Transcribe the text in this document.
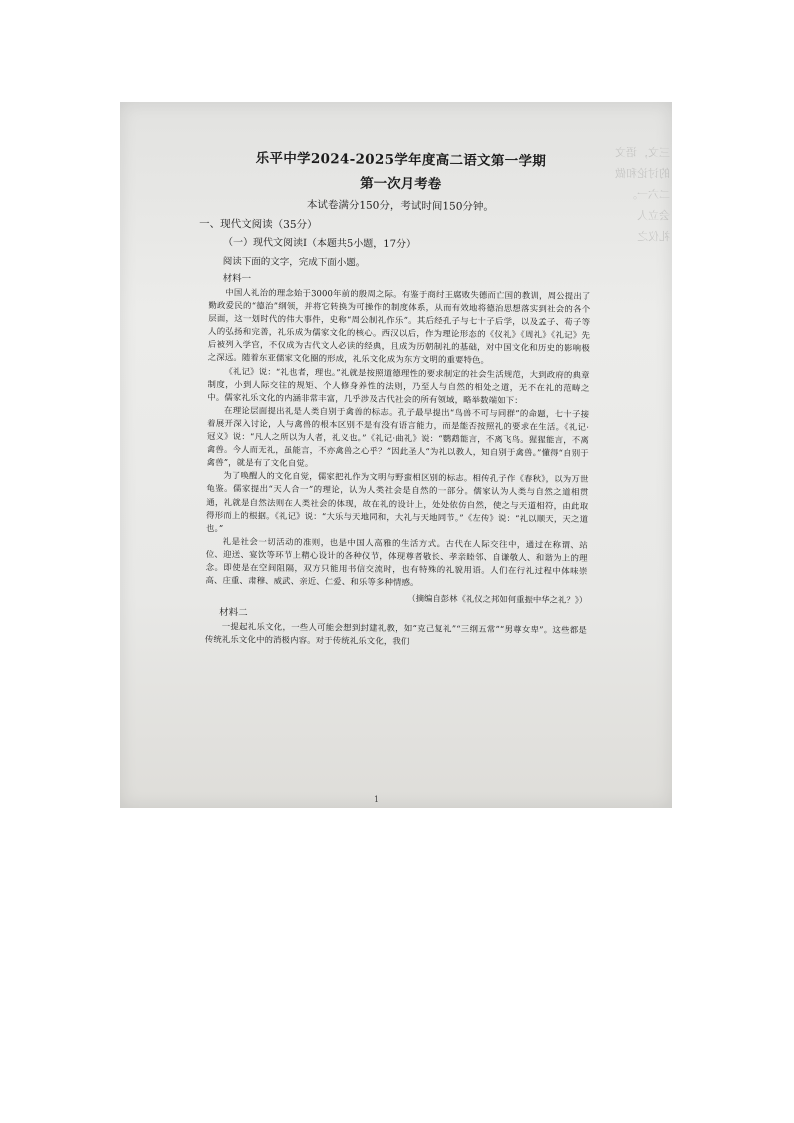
三文，语文
的讨论和做
二六一。
会立人
礼仪之
乐平中学2024-2025学年度高二语文第一学期
第一次月考卷
本试卷满分150分，考试时间150分钟。
一、现代文阅读（35分）
（一）现代文阅读Ⅰ（本题共5小题，17分）
阅读下面的文字，完成下面小题。
材料一

中国人礼治的理念始于3000年前的殷周之际。有鉴于商纣王腐败失德而亡国的教训，周公提出了勤政爱民的“德治”纲领，并将它转换为可操作的制度体系，从而有效地将德治思想落实到社会的各个层面，这一划时代的伟大事件，史称“周公制礼作乐”。其后经孔子与七十子后学，以及孟子、荀子等人的弘扬和完善，礼乐成为儒家文化的核心。西汉以后，作为理论形态的《仪礼》《周礼》《礼记》先后被列入学官，不仅成为古代文人必读的经典，且成为历朝制礼的基础，对中国文化和历史的影响极之深远。随着东亚儒家文化圈的形成，礼乐文化成为东方文明的重要特色。

《礼记》说：“礼也者，理也。”礼就是按照道德理性的要求制定的社会生活规范，大到政府的典章制度，小到人际交往的规矩、个人修身养性的法则，乃至人与自然的相处之道，无不在礼的范畴之中。儒家礼乐文化的内涵非常丰富，几乎涉及古代社会的所有领域，略举数端如下：

在理论层面提出礼是人类自别于禽兽的标志。孔子最早提出“鸟兽不可与同群”的命题，七十子接着展开深入讨论，人与禽兽的根本区别不是有没有语言能力，而是能否按照礼的要求在生活。《礼记·冠义》说：“凡人之所以为人者，礼义也。”《礼记·曲礼》说：“鹦鹉能言，不离飞鸟。猩猩能言，不离禽兽。今人而无礼，虽能言，不亦禽兽之心乎？”因此圣人“为礼以教人，知自别于禽兽。”懂得“自别于禽兽”，就是有了文化自觉。

为了唤醒人的文化自觉，儒家把礼作为文明与野蛮相区别的标志。相传孔子作《春秋》，以为万世龟鉴。儒家提出“天人合一”的理论，认为人类社会是自然的一部分。儒家认为人类与自然之道相贯通，礼就是自然法则在人类社会的体现，故在礼的设计上，处处依仿自然，使之与天道相符，由此取得形而上的根据。《礼记》说：“大乐与天地同和，大礼与天地同节。”《左传》说：“礼以顺天，天之道也。”

礼是社会一切活动的准则，也是中国人高雅的生活方式。古代在人际交往中，通过在称谓、站位、迎送、宴饮等环节上精心设计的各种仪节，体现尊者敬长、孝亲睦邻、自谦敬人、和谐为上的理念。即使是在空间阻隔，双方只能用书信交流时，也有特殊的礼貌用语。人们在行礼过程中体味崇高、庄重、肃穆、威武、亲近、仁爱、和乐等多种情感。

（摘编自彭林《礼仪之邦如何重振中华之礼？》）
材料二

一提起礼乐文化，一些人可能会想到封建礼教，如“克己复礼”“三纲五常”“男尊女卑”。这些都是传统礼乐文化中的消极内容。对于传统礼乐文化，我们

1
